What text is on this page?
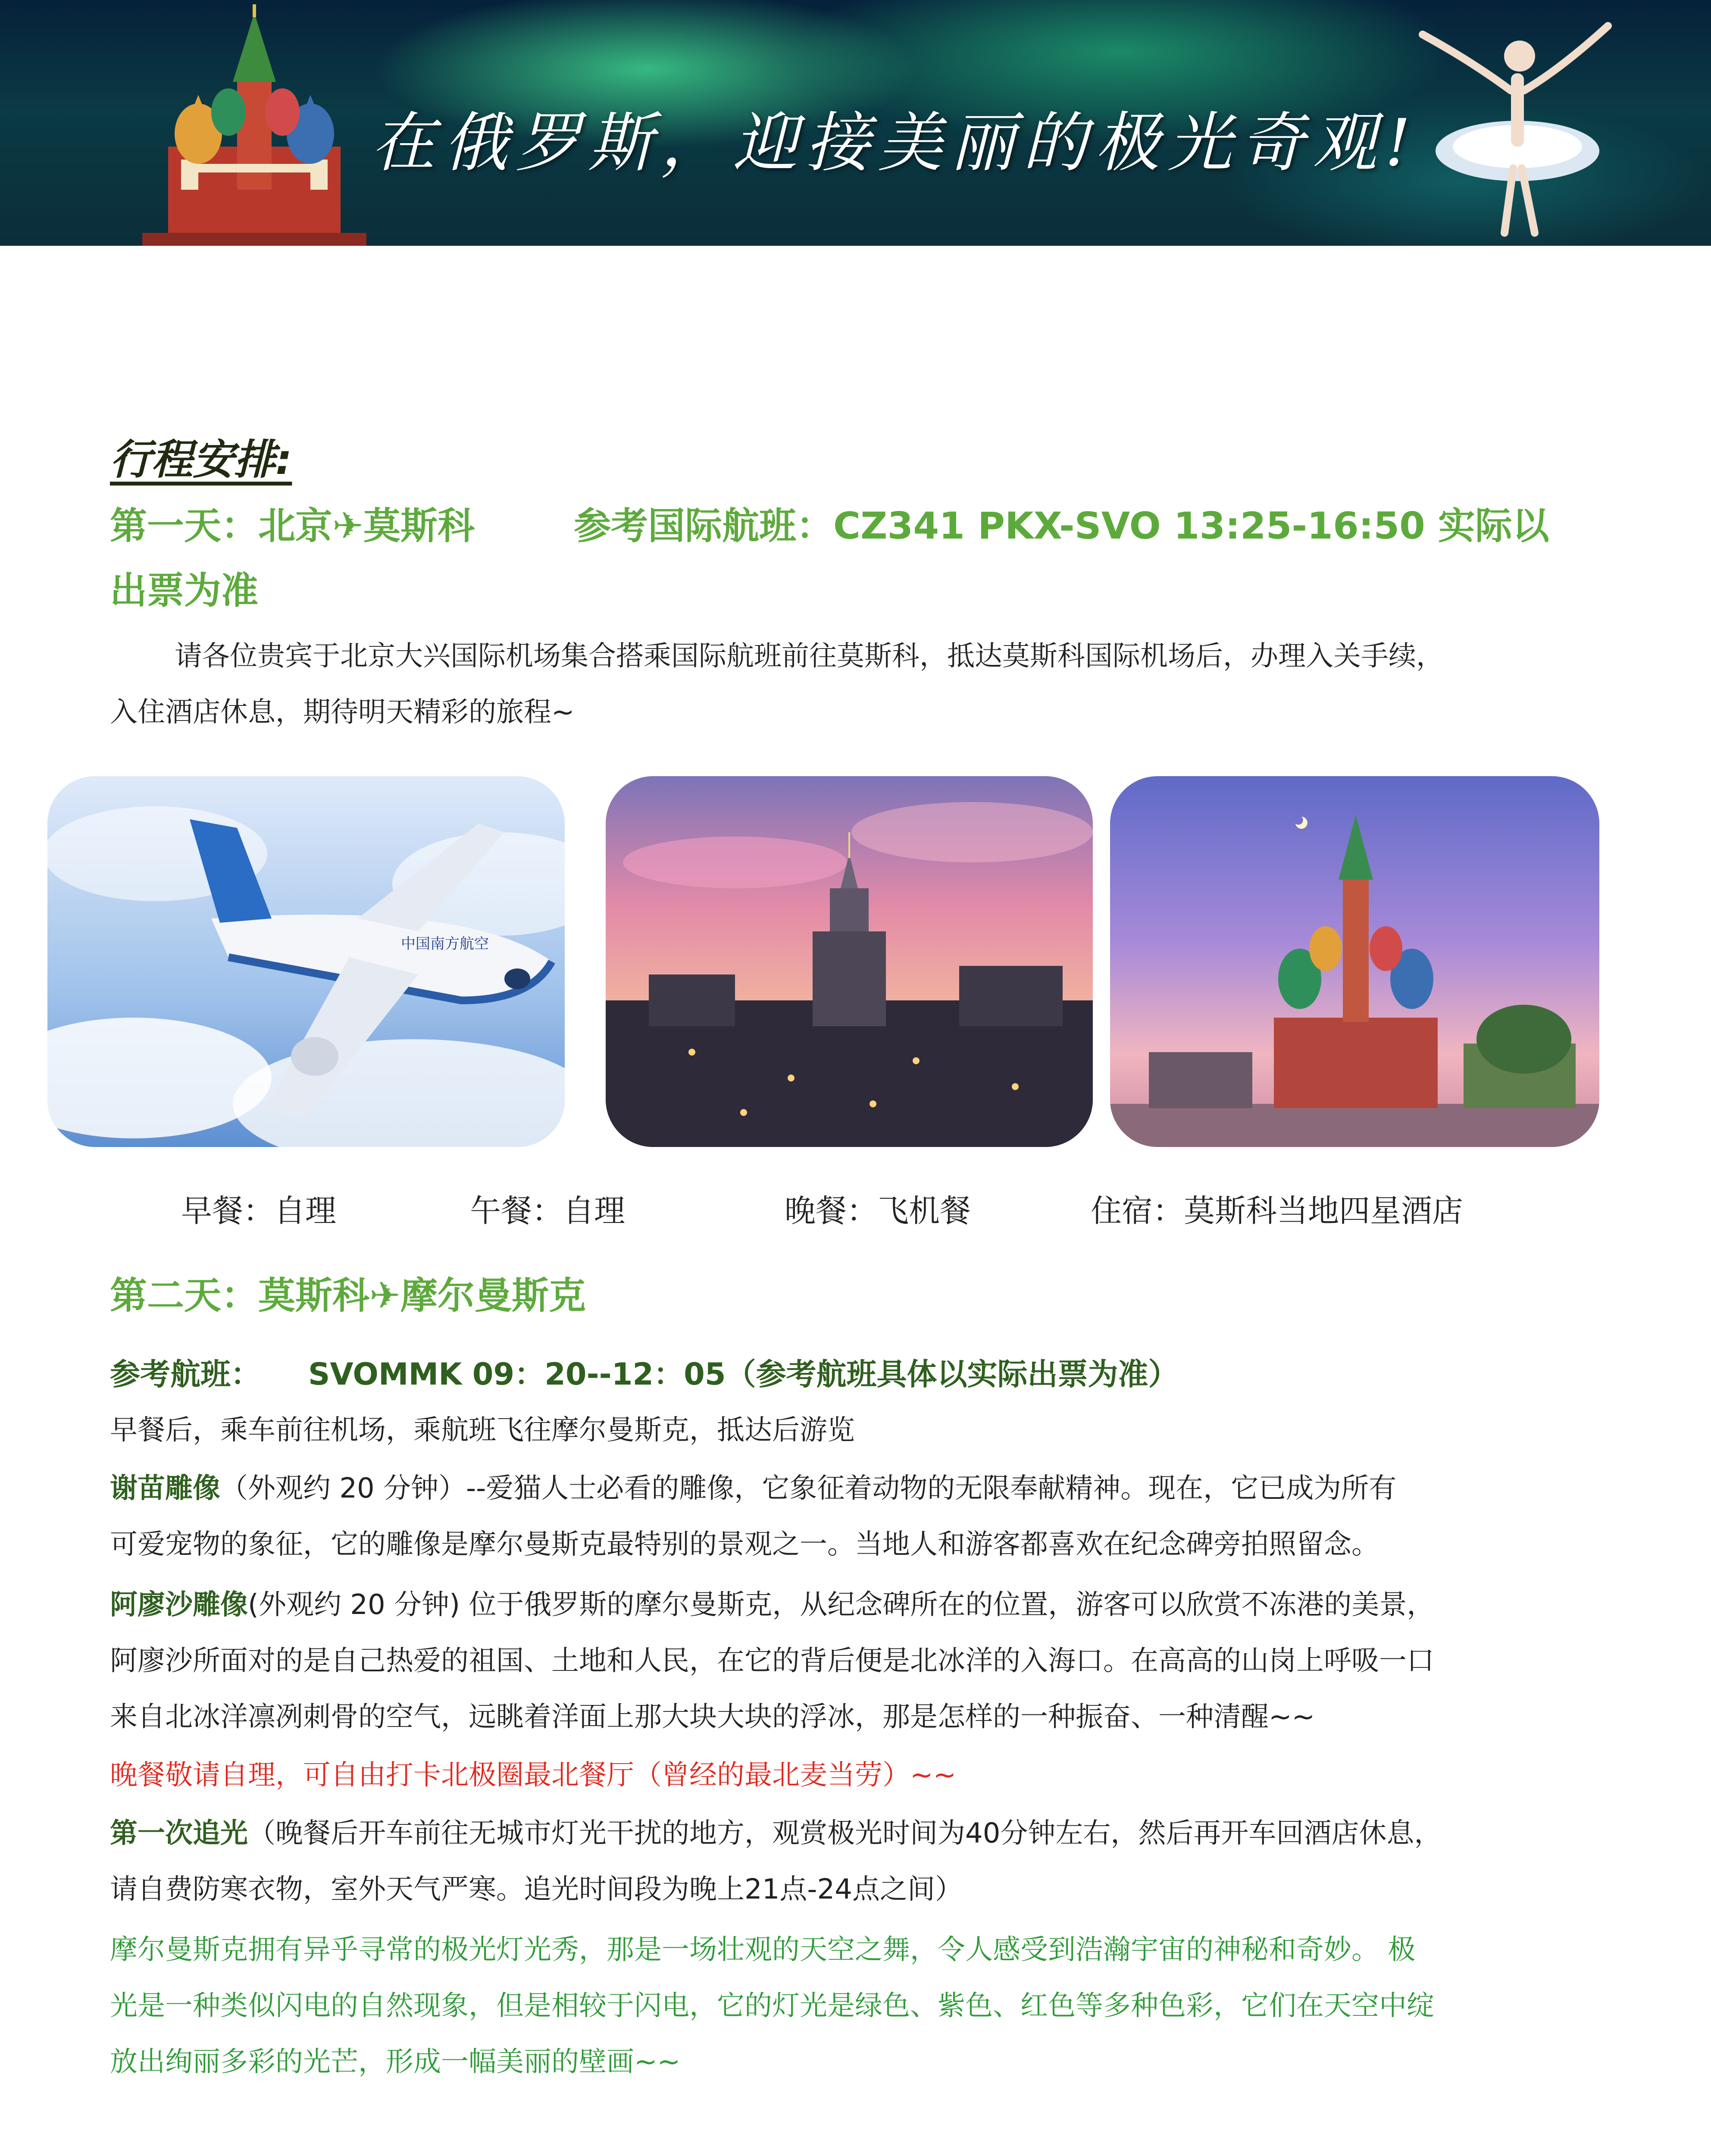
在俄罗斯，迎接美丽的极光奇观!
行程安排:
第一天：北京✈莫斯科	参考国际航班：CZ341 PKX-SVO 13:25-16:50 实际以
出票为准
请各位贵宾于北京大兴国际机场集合搭乘国际航班前往莫斯科，抵达莫斯科国际机场后，办理入关手续，
入住酒店休息，期待明天精彩的旅程~
中国南方航空
早餐：自理	午餐：自理	晚餐：飞机餐	住宿：莫斯科当地四星酒店
第二天：莫斯科✈摩尔曼斯克
参考航班： SVOMMK 09：20--12：05（参考航班具体以实际出票为准）
早餐后，乘车前往机场，乘航班飞往摩尔曼斯克，抵达后游览
谢苗雕像（外观约 20 分钟）--爱猫人士必看的雕像，它象征着动物的无限奉献精神。现在，它已成为所有
可爱宠物的象征，它的雕像是摩尔曼斯克最特别的景观之一。当地人和游客都喜欢在纪念碑旁拍照留念。
阿廖沙雕像(外观约 20 分钟) 位于俄罗斯的摩尔曼斯克，从纪念碑所在的位置，游客可以欣赏不冻港的美景，
阿廖沙所面对的是自己热爱的祖国、土地和人民，在它的背后便是北冰洋的入海口。在高高的山岗上呼吸一口
来自北冰洋凛冽刺骨的空气，远眺着洋面上那大块大块的浮冰，那是怎样的一种振奋、一种清醒~~
晚餐敬请自理，可自由打卡北极圈最北餐厅（曾经的最北麦当劳）~~
第一次追光（晚餐后开车前往无城市灯光干扰的地方，观赏极光时间为40分钟左右，然后再开车回酒店休息，
请自费防寒衣物，室外天气严寒。追光时间段为晚上21点-24点之间）
摩尔曼斯克拥有异乎寻常的极光灯光秀，那是一场壮观的天空之舞，令人感受到浩瀚宇宙的神秘和奇妙。 极
光是一种类似闪电的自然现象，但是相较于闪电，它的灯光是绿色、紫色、红色等多种色彩，它们在天空中绽
放出绚丽多彩的光芒，形成一幅美丽的壁画~~
